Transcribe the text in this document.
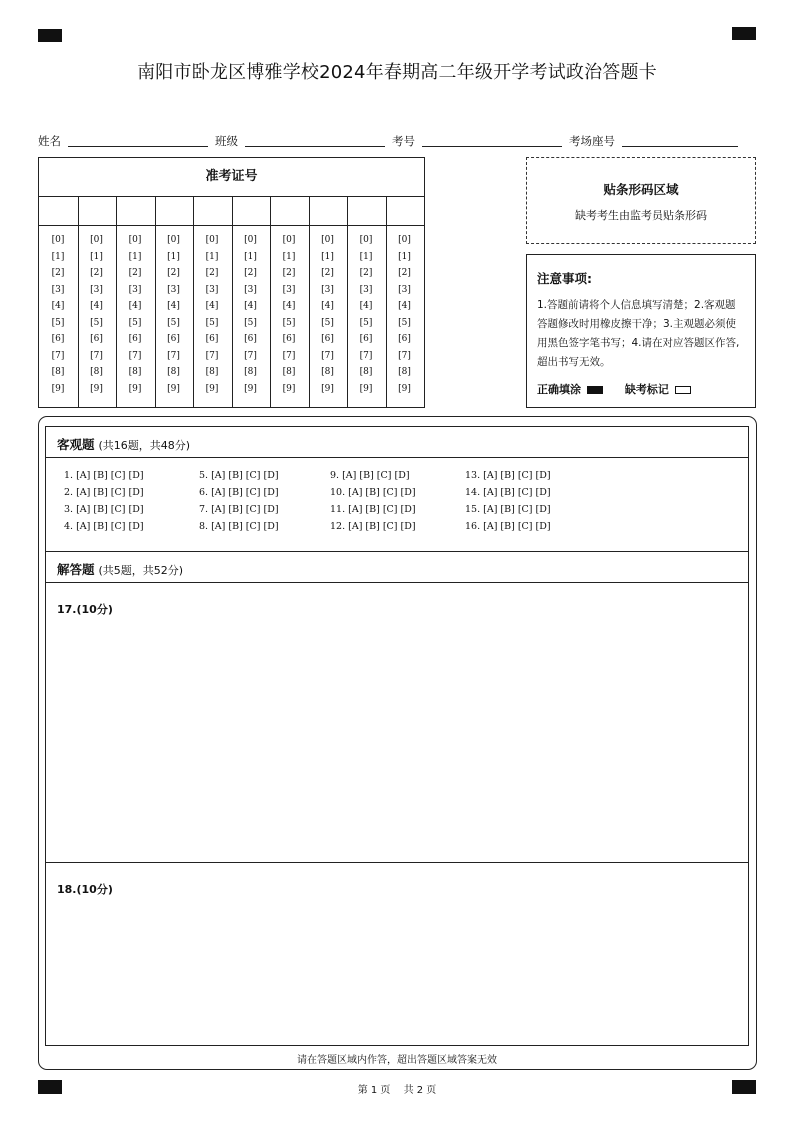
南阳市卧龙区博雅学校2024年春期高二年级开学考试政治答题卡
姓名	班级	考号	考场座号
准考证号
[0]
[1]
[2]
[3]
[4]
[5]
[6]
[7]
[8]
[9]
[0]
[1]
[2]
[3]
[4]
[5]
[6]
[7]
[8]
[9]
[0]
[1]
[2]
[3]
[4]
[5]
[6]
[7]
[8]
[9]
[0]
[1]
[2]
[3]
[4]
[5]
[6]
[7]
[8]
[9]
[0]
[1]
[2]
[3]
[4]
[5]
[6]
[7]
[8]
[9]
[0]
[1]
[2]
[3]
[4]
[5]
[6]
[7]
[8]
[9]
[0]
[1]
[2]
[3]
[4]
[5]
[6]
[7]
[8]
[9]
[0]
[1]
[2]
[3]
[4]
[5]
[6]
[7]
[8]
[9]
[0]
[1]
[2]
[3]
[4]
[5]
[6]
[7]
[8]
[9]
[0]
[1]
[2]
[3]
[4]
[5]
[6]
[7]
[8]
[9]
贴条形码区域
缺考考生由监考员贴条形码
注意事项:
1.答题前请将个人信息填写清楚；2.客观题答题修改时用橡皮擦干净；3.主观题必须使用黑色签字笔书写；4.请在对应答题区作答,超出书写无效。
正确填涂	缺考标记
客观题 (共16题，共48分)
1. [A] [B] [C] [D]	5. [A] [B] [C] [D]	9. [A] [B] [C] [D]	13. [A] [B] [C] [D]
2. [A] [B] [C] [D]	6. [A] [B] [C] [D]	10. [A] [B] [C] [D]	14. [A] [B] [C] [D]
3. [A] [B] [C] [D]	7. [A] [B] [C] [D]	11. [A] [B] [C] [D]	15. [A] [B] [C] [D]
4. [A] [B] [C] [D]	8. [A] [B] [C] [D]	12. [A] [B] [C] [D]	16. [A] [B] [C] [D]
解答题 (共5题，共52分)
17.(10分)
18.(10分)
请在答题区域内作答，超出答题区域答案无效
第 1 页　 共 2 页
